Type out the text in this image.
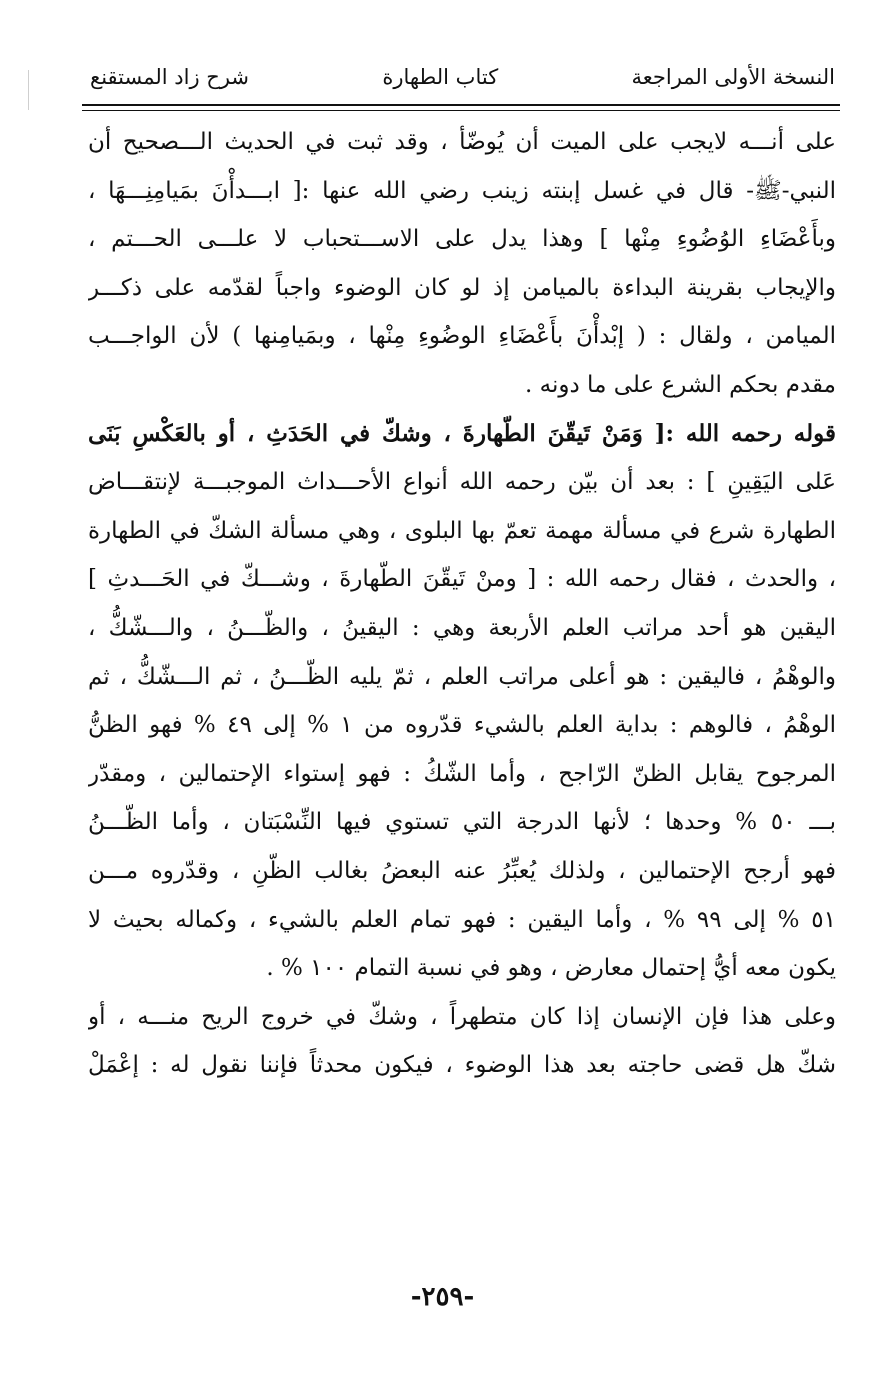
شرح زاد المستقنع	كتاب الطهارة	النسخة الأولى المراجعة
على أنـــه لايجب على الميت أن يُوضّأ ، وقد ثبت في الحديث الـــصحيح أن
النبي-ﷺ- قال في غسل إبنته زينب رضي الله عنها :[ ابـــدأْنَ بمَيامِنِـــهَا ،
وبأَعْضَاءِ الوُضُوءِ مِنْها ] وهذا يدل على الاســـتحباب لا علـــى الحـــتم ،
والإيجاب بقرينة البداءة بالميامن إذ لو كان الوضوء واجباً لقدّمه على ذكـــر
الميامن ، ولقال : ( إبْدأْنَ بأَعْضَاءِ الوضُوءِ مِنْها ، وبمَيامِنها ) لأن الواجـــب
مقدم بحكم الشرع على ما دونه .
قوله رحمه الله :[ وَمَنْ تَيقّنَ الطّهارةَ ، وشكّ في الحَدَثِ ، أو بالعَكْسِ بَنَى
عَلى اليَقِينِ ] : بعد أن بيّن رحمه الله أنواع الأحـــداث الموجبـــة لإنتقـــاض
الطهارة شرع في مسألة مهمة تعمّ بها البلوى ، وهي مسألة الشكّ في الطهارة
، والحدث ، فقال رحمه الله : [ ومنْ تَيقّنَ الطّهارةَ ، وشـــكّ في الحَـــدثِ ]
اليقين هو أحد مراتب العلم الأربعة وهي : اليقينُ ، والظّـــنُ ، والـــشّكُّ ،
والوهْمُ ، فاليقين : هو أعلى مراتب العلم ، ثمّ يليه الظّـــنُ ، ثم الـــشّكُّ ، ثم
الوهْمُ ، فالوهم : بداية العلم بالشيء قدّروه من ١ % إلى ٤٩ % فهو الظنُّ
المرجوح يقابل الظنّ الرّاجح ، وأما الشّكُ : فهو إستواء الإحتمالين ، ومقدّر
بـــ ٥٠ % وحدها ؛ لأنها الدرجة التي تستوي فيها النِّسْبَتان ، وأما الظّـــنُ
فهو أرجح الإحتمالين ، ولذلك يُعبِّرُ عنه البعضُ بغالب الظّنِ ، وقدّروه مـــن
٥١ % إلى ٩٩ % ، وأما اليقين : فهو تمام العلم بالشيء ، وكماله بحيث لا
يكون معه أيُّ إحتمال معارض ، وهو في نسبة التمام ١٠٠ % .
وعلى هذا فإن الإنسان إذا كان متطهراً ، وشكّ في خروج الريح منـــه ، أو
شكّ هل قضى حاجته بعد هذا الوضوء ، فيكون محدثاً فإننا نقول له : إعْمَلْ
-٢٥٩-
